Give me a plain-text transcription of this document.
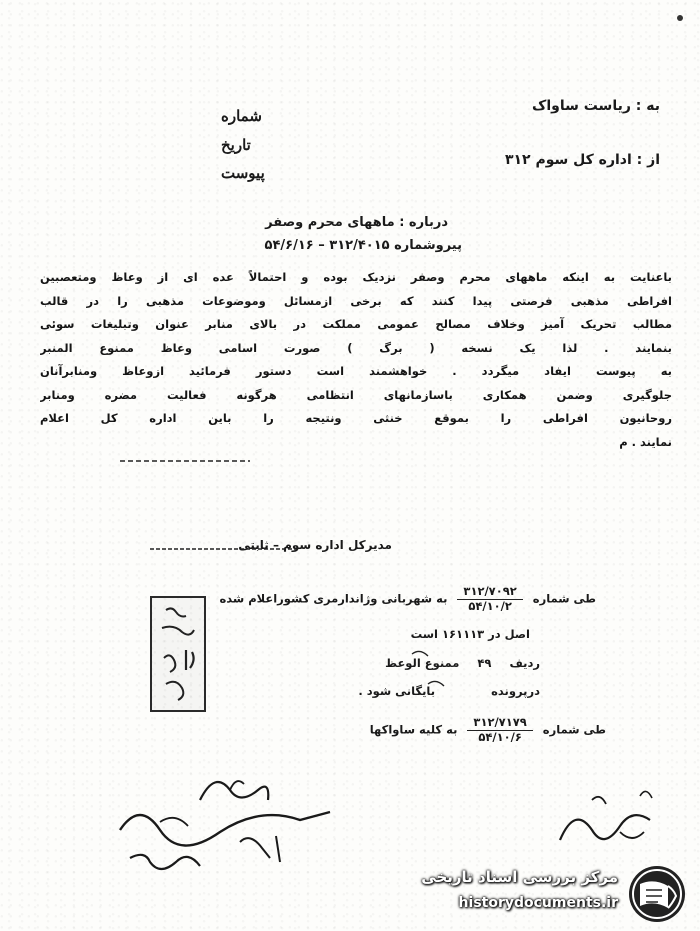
به : ریاست ساواک
از : اداره کل سوم ۳۱۲
شماره
تاریخ
پیوست
درباره : ماههای محرم وصفر
پیروشماره ۳۱۲/۴۰۱۵ – ۵۴/۶/۱۶
باعنایت به اینکه ماههای محرم وصفر نزدیک بوده و احتمالاً عده ای از وعاظ ومتعصبین
افراطی مذهبی فرصتی پیدا کنند که برخی ازمسائل وموضوعات مذهبی را در قالب
مطالب تحریک آمیز وخلاف مصالح عمومی مملکت در بالای منابر عنوان وتبلیغات سوئی
بنمایند . لذا یک نسخه ( برگ ) صورت اسامی وعاظ ممنوع المنبر
به پیوست ایفاد میگردد . خواهشمند است دستور فرمائید ازوعاظ ومنابرآنان
جلوگیری وضمن همکاری باسازمانهای انتظامی هرگونه فعالیت مضره ومنابر
روحانیون افراطی را بموقع خنثی ونتیجه را باین اداره کل اعلام
نمایند . م
مدیرکل اداره سوم – ثابتی
طی شماره
۳۱۲/۷۰۹۲
۵۴/۱۰/۲
به شهربانی وژاندارمری کشوراعلام شده
اصل در ۱۶۱۱۱۳ است
ردیف ۴۹ ممنوع الوعظ
درپرونده  بایگانی شود .
طی شماره
۳۱۲/۷۱۷۹
۵۴/۱۰/۶
به کلیه ساواکها
مرکز بررسی اسناد تاریخی
historydocuments.ir
